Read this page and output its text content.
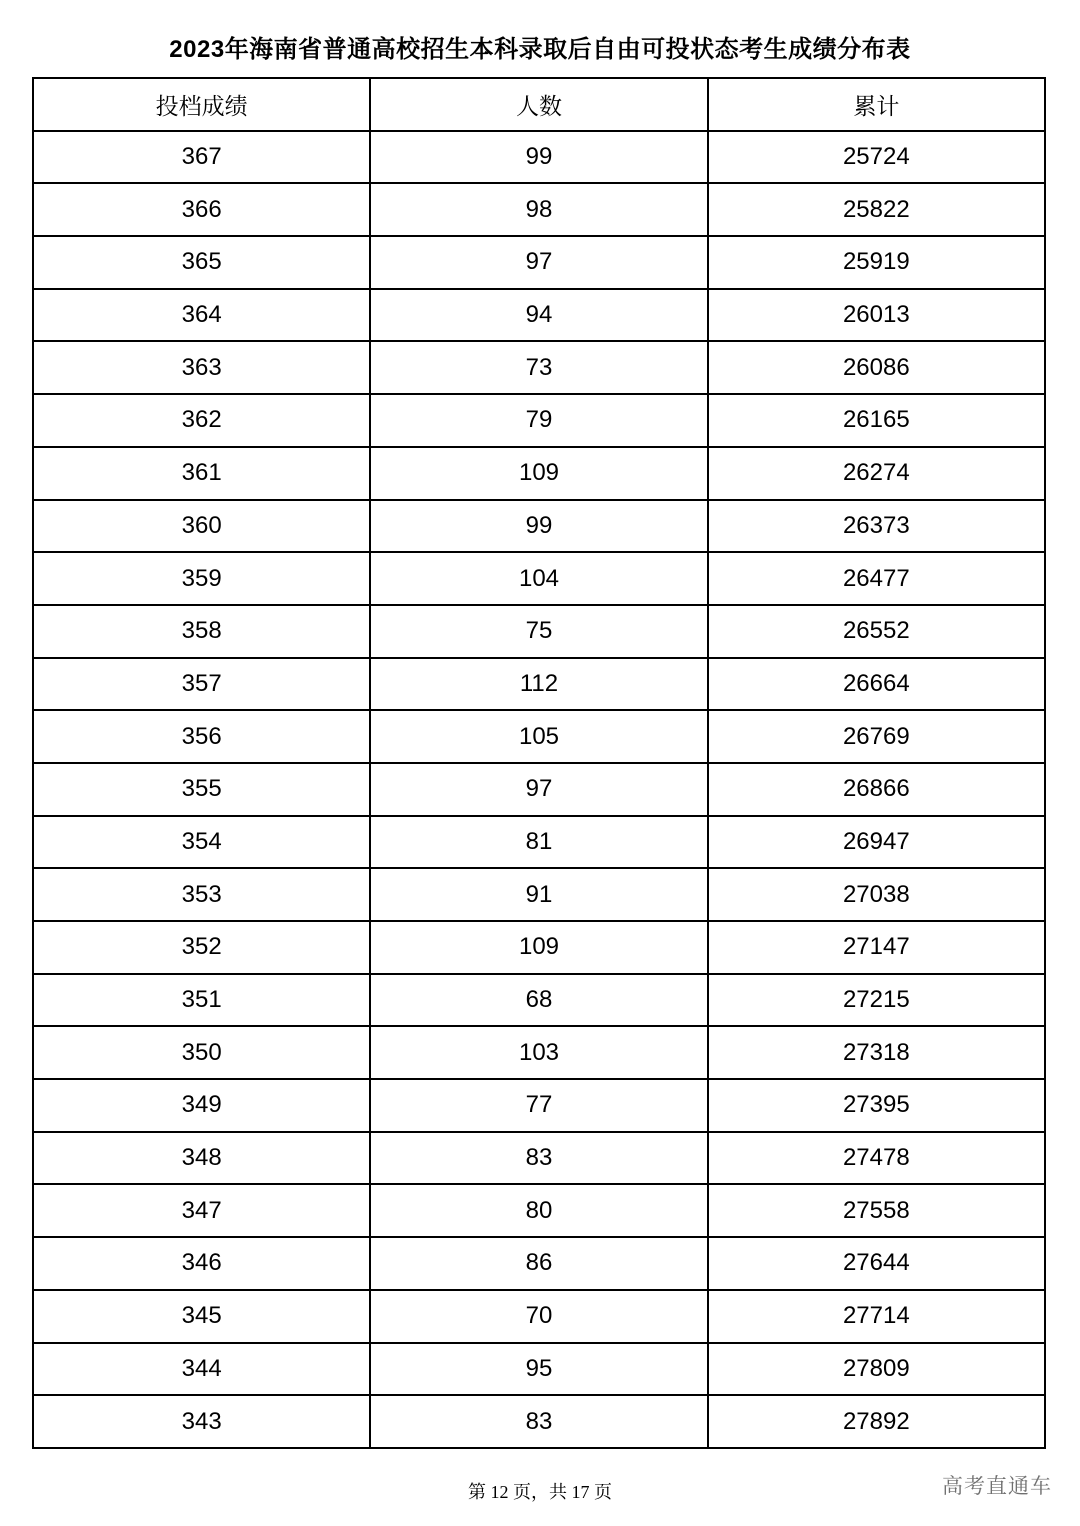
2023年海南省普通高校招生本科录取后自由可投状态考生成绩分布表
投档成绩	人数	累计
367	99	25724
366	98	25822
365	97	25919
364	94	26013
363	73	26086
362	79	26165
361	109	26274
360	99	26373
359	104	26477
358	75	26552
357	112	26664
356	105	26769
355	97	26866
354	81	26947
353	91	27038
352	109	27147
351	68	27215
350	103	27318
349	77	27395
348	83	27478
347	80	27558
346	86	27644
345	70	27714
344	95	27809
343	83	27892
第 12 页，共 17 页	高考直通车
